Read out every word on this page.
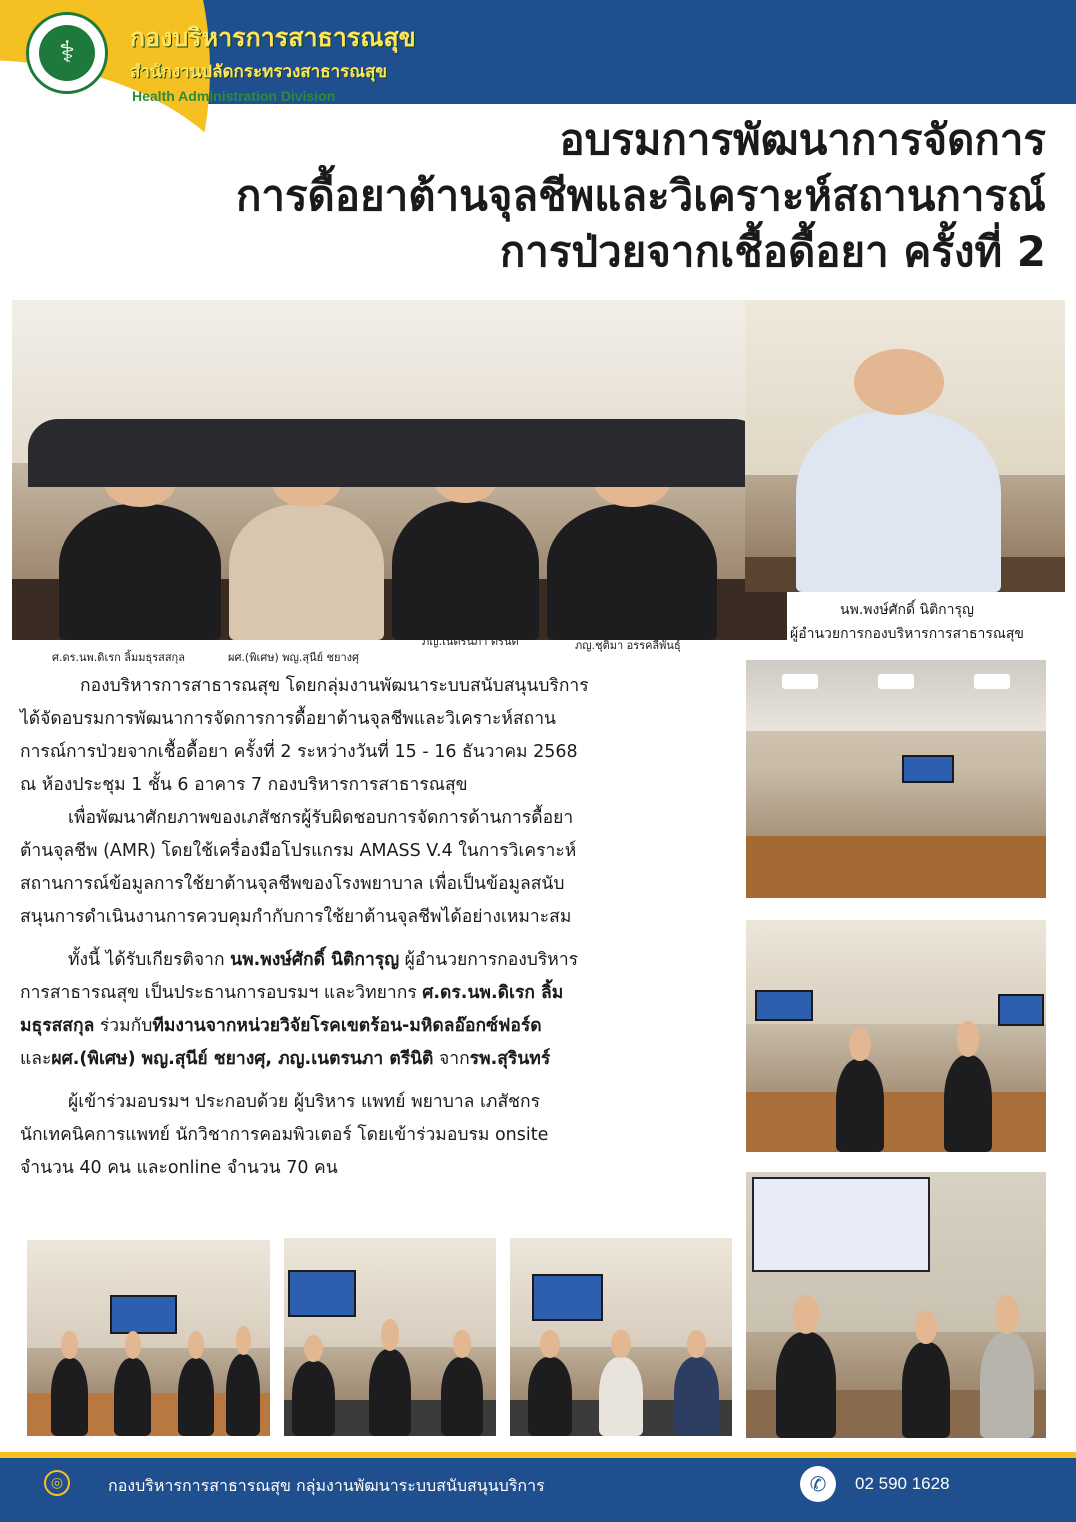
⚕	กองบริหารการสาธารณสุข
สำนักงานปลัดกระทรวงสาธารณสุข
Health Administration Division
อบรมการพัฒนาการจัดการ
การดื้อยาต้านจุลชีพและวิเคราะห์สถานการณ์
การป่วยจากเชื้อดื้อยา ครั้งที่ 2
ศ.ดร.นพ.ดิเรก ลิ้มมธุรสสกุล	ผศ.(พิเศษ) พญ.สุนีย์ ชยางศุ
ภญ.เนตรนภา ตรีนิติ	ภญ.ชุติมา อรรคลีพันธุ์
นพ.พงษ์ศักดิ์ นิติการุญ
ผู้อำนวยการกองบริหารการสาธารณสุข
กองบริหารการสาธารณสุข โดยกลุ่มงานพัฒนาระบบสนับสนุนบริการ
ได้จัดอบรมการพัฒนาการจัดการการดื้อยาต้านจุลชีพและวิเคราะห์สถาน
การณ์การป่วยจากเชื้อดื้อยา ครั้งที่ 2 ระหว่างวันที่ 15 - 16 ธันวาคม 2568
ณ ห้องประชุม 1 ชั้น 6 อาคาร 7 กองบริหารการสาธารณสุข
เพื่อพัฒนาศักยภาพของเภสัชกรผู้รับผิดชอบการจัดการด้านการดื้อยา
ต้านจุลชีพ (AMR) โดยใช้เครื่องมือโปรแกรม AMASS V.4 ในการวิเคราะห์
สถานการณ์ข้อมูลการใช้ยาต้านจุลชีพของโรงพยาบาล เพื่อเป็นข้อมูลสนับ
สนุนการดำเนินงานการควบคุมกำกับการใช้ยาต้านจุลชีพได้อย่างเหมาะสม
ทั้งนี้ ได้รับเกียรติจาก นพ.พงษ์ศักดิ์ นิติการุญ ผู้อำนวยการกองบริหาร
การสาธารณสุข เป็นประธานการอบรมฯ และวิทยากร ศ.ดร.นพ.ดิเรก ลิ้ม
มธุรสสกุล ร่วมกับทีมงานจากหน่วยวิจัยโรคเขตร้อน-มหิดลอ๊อกซ์ฟอร์ด
และผศ.(พิเศษ) พญ.สุนีย์ ชยางศุ, ภญ.เนตรนภา ตรีนิติ จากรพ.สุรินทร์
ผู้เข้าร่วมอบรมฯ ประกอบด้วย ผู้บริหาร แพทย์ พยาบาล เภสัชกร
นักเทคนิคการแพทย์ นักวิชาการคอมพิวเตอร์ โดยเข้าร่วมอบรม onsite
จำนวน 40 คน และonline จำนวน 70 คน
◎	กองบริหารการสาธารณสุข กลุ่มงานพัฒนาระบบสนับสนุนบริการ	✆	02 590 1628
